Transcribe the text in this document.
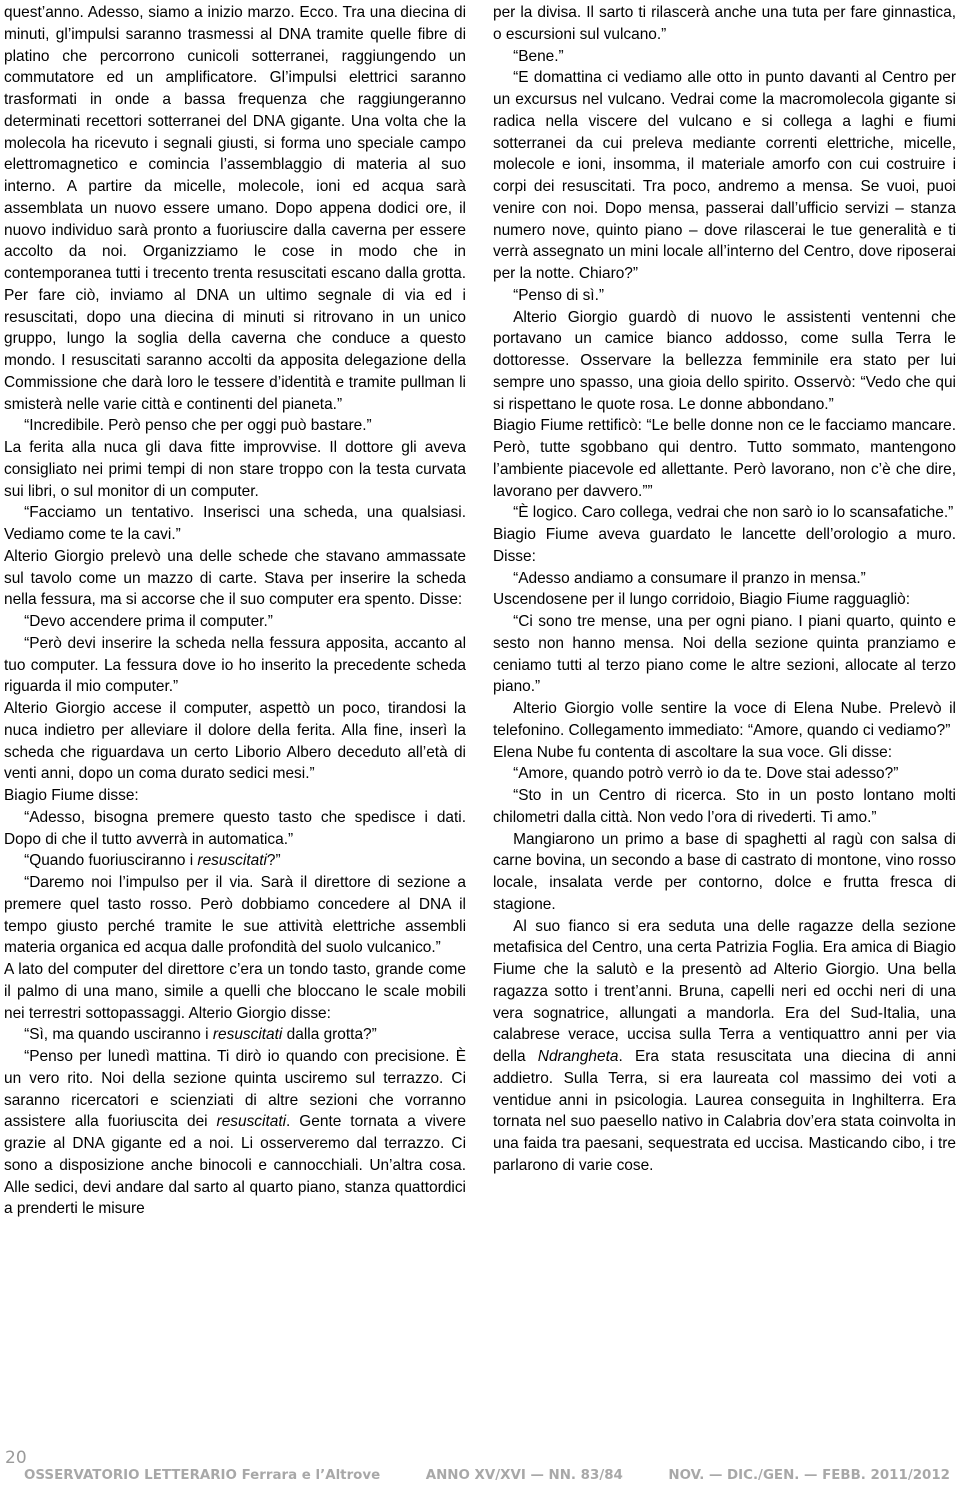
quest’anno. Adesso, siamo a inizio marzo. Ecco. Tra una diecina di minuti, gl’impulsi saranno trasmessi al DNA tramite quelle fibre di platino che percorrono cunicoli sotterranei, raggiungendo un commutatore ed un amplificatore. Gl’impulsi elettrici saranno trasformati in onde a bassa frequenza che raggiungeranno determinati recettori sotterranei del DNA gigante. Una volta che la molecola ha ricevuto i segnali giusti, si forma uno speciale campo elettromagnetico e comincia l’assemblaggio di materia al suo interno. A partire da micelle, molecole, ioni ed acqua sarà assemblata un nuovo essere umano. Dopo appena dodici ore, il nuovo individuo sarà pronto a fuoriuscire dalla caverna per essere accolto da noi. Organizziamo le cose in modo che in contemporanea tutti i trecento trenta resuscitati escano dalla grotta. Per fare ciò, inviamo al DNA un ultimo segnale di via ed i resuscitati, dopo una diecina di minuti si ritrovano in un unico gruppo, lungo la soglia della caverna che conduce a questo mondo. I resuscitati saranno accolti da apposita delegazione della Commissione che darà loro le tessere d’identità e tramite pullman li smisterà nelle varie città e continenti del pianeta.”

“Incredibile. Però penso che per oggi può bastare.”

La ferita alla nuca gli dava fitte improvvise. Il dottore gli aveva consigliato nei primi tempi di non stare troppo con la testa curvata sui libri, o sul monitor di un computer.

“Facciamo un tentativo. Inserisci una scheda, una qualsiasi. Vediamo come te la cavi.”

Alterio Giorgio prelevò una delle schede che stavano ammassate sul tavolo come un mazzo di carte. Stava per inserire la scheda nella fessura, ma si accorse che il suo computer era spento. Disse:

“Devo accendere prima il computer.”

“Però devi inserire la scheda nella fessura apposita, accanto al tuo computer. La fessura dove io ho inserito la precedente scheda riguarda il mio computer.”

Alterio Giorgio accese il computer, aspettò un poco, tirandosi la nuca indietro per alleviare il dolore della ferita. Alla fine, inserì la scheda che riguardava un certo Liborio Albero deceduto all’età di venti anni, dopo un coma durato sedici mesi.”

Biagio Fiume disse:

“Adesso, bisogna premere questo tasto che spedisce i dati. Dopo di che il tutto avverrà in automatica.”

“Quando fuoriusciranno i resuscitati?”

“Daremo noi l’impulso per il via. Sarà il direttore di sezione a premere quel tasto rosso. Però dobbiamo concedere al DNA il tempo giusto perché tramite le sue attività elettriche assembli materia organica ed acqua dalle profondità del suolo vulcanico.”

A lato del computer del direttore c’era un tondo tasto, grande come il palmo di una mano, simile a quelli che bloccano le scale mobili nei terrestri sottopassaggi. Alterio Giorgio disse:

“Sì, ma quando usciranno i resuscitati dalla grotta?”

“Penso per lunedì mattina. Ti dirò io quando con precisione. È un vero rito. Noi della sezione quinta usciremo sul terrazzo. Ci saranno ricercatori e scienziati di altre sezioni che vorranno assistere alla fuoriuscita dei resuscitati. Gente tornata a vivere grazie al DNA gigante ed a noi. Li osserveremo dal terrazzo. Ci sono a disposizione anche binocoli e cannocchiali. Un’altra cosa. Alle sedici, devi andare dal sarto al quarto piano, stanza quattordici a prenderti le misure

per la divisa. Il sarto ti rilascerà anche una tuta per fare ginnastica, o escursioni sul vulcano.”

“Bene.”

“E domattina ci vediamo alle otto in punto davanti al Centro per un excursus nel vulcano. Vedrai come la macromolecola gigante si radica nella viscere del vulcano e si collega a laghi e fiumi sotterranei da cui preleva mediante correnti elettriche, micelle, molecole e ioni, insomma, il materiale amorfo con cui costruire i corpi dei resuscitati. Tra poco, andremo a mensa. Se vuoi, puoi venire con noi. Dopo mensa, passerai dall’ufficio servizi – stanza numero nove, quinto piano – dove rilascerai le tue generalità e ti verrà assegnato un mini locale all’interno del Centro, dove riposerai per la notte. Chiaro?”

“Penso di sì.”

Alterio Giorgio guardò di nuovo le assistenti ventenni che portavano un camice bianco addosso, come sulla Terra le dottoresse. Osservare la bellezza femminile era stato per lui sempre uno spasso, una gioia dello spirito. Osservò: “Vedo che qui si rispettano le quote rosa. Le donne abbondano.”

Biagio Fiume rettificò: “Le belle donne non ce le facciamo mancare. Però, tutte sgobbano qui dentro. Tutto sommato, mantengono l’ambiente piacevole ed allettante. Però lavorano, non c’è che dire, lavorano per davvero.””

“È logico. Caro collega, vedrai che non sarò io lo scansafatiche.”

Biagio Fiume aveva guardato le lancette dell’orologio a muro. Disse:

“Adesso andiamo a consumare il pranzo in mensa.”

Uscendosene per il lungo corridoio, Biagio Fiume ragguagliò:

“Ci sono tre mense, una per ogni piano. I piani quarto, quinto e sesto non hanno mensa. Noi della sezione quinta pranziamo e ceniamo tutti al terzo piano come le altre sezioni, allocate al terzo piano.”

Alterio Giorgio volle sentire la voce di Elena Nube. Prelevò il telefonino. Collegamento immediato: “Amore, quando ci vediamo?”

Elena Nube fu contenta di ascoltare la sua voce. Gli disse:

“Amore, quando potrò verrò io da te. Dove stai adesso?”

“Sto in un Centro di ricerca. Sto in un posto lontano molti chilometri dalla città. Non vedo l’ora di rivederti. Ti amo.”

Mangiarono un primo a base di spaghetti al ragù con salsa di carne bovina, un secondo a base di castrato di montone, vino rosso locale, insalata verde per contorno, dolce e frutta fresca di stagione.

Al suo fianco si era seduta una delle ragazze della sezione metafisica del Centro, una certa Patrizia Foglia. Era amica di Biagio Fiume che la salutò e la presentò ad Alterio Giorgio. Una bella ragazza sotto i trent’anni. Bruna, capelli neri ed occhi neri di una vera sognatrice, allungati a mandorla. Era del Sud-Italia, una calabrese verace, uccisa sulla Terra a ventiquattro anni per via della Ndrangheta. Era stata resuscitata una diecina di anni addietro. Sulla Terra, si era laureata col massimo dei voti a ventidue anni in psicologia. Laurea conseguita in Inghilterra. Era tornata nel suo paesello nativo in Calabria dov’era stata coinvolta in una faida tra paesani, sequestrata ed uccisa. Masticando cibo, i tre parlarono di varie cose.

20
OSSERVATORIO LETTERARIO Ferrara e l’Altrove	ANNO XV/XVI — NN. 83/84	NOV. — DIC./GEN. — FEBB. 2011/2012
